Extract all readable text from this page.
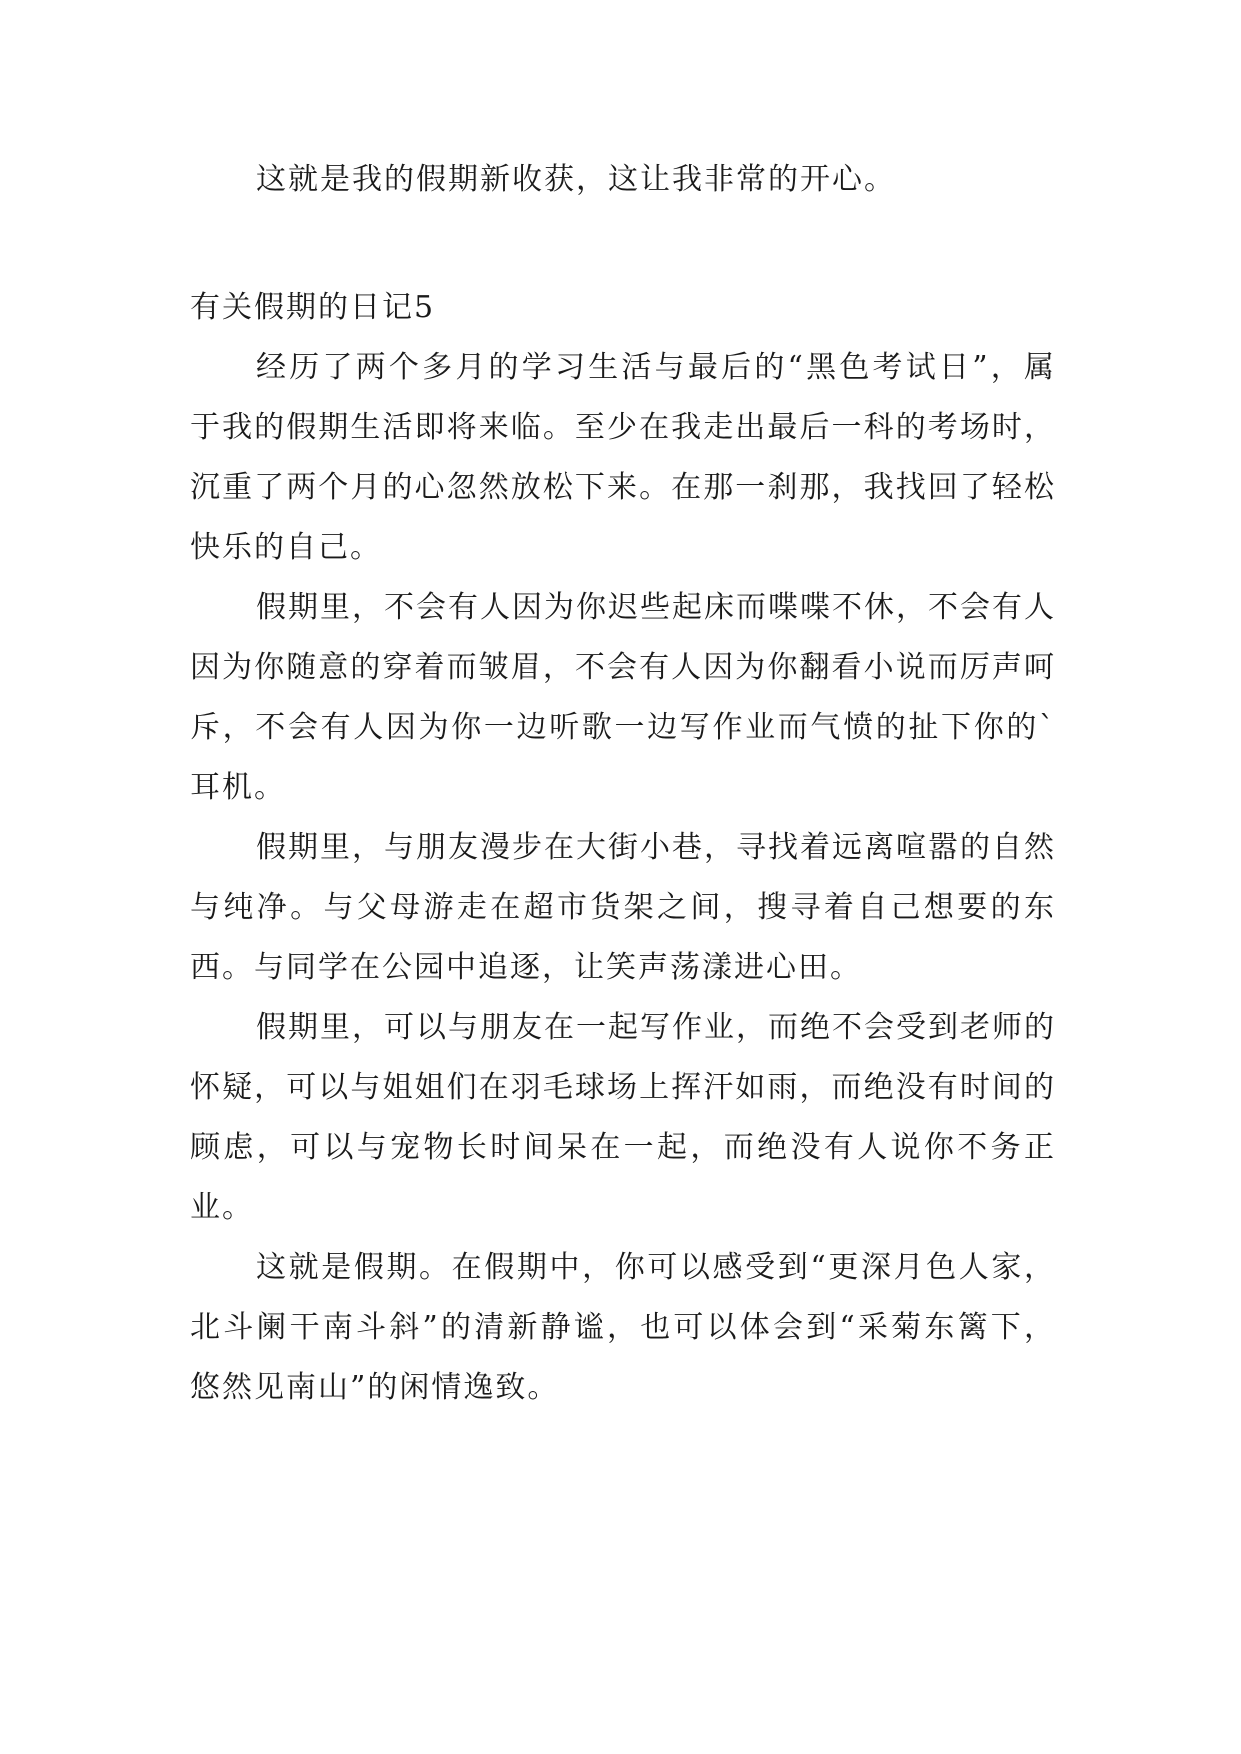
这就是我的假期新收获，这让我非常的开心。

有关假期的日记5

经历了两个多月的学习生活与最后的“黑色考试日”，属于我的假期生活即将来临。至少在我走出最后一科的考场时，沉重了两个月的心忽然放松下来。在那一刹那，我找回了轻松快乐的自己。

假期里，不会有人因为你迟些起床而喋喋不休，不会有人因为你随意的穿着而皱眉，不会有人因为你翻看小说而厉声呵斥，不会有人因为你一边听歌一边写作业而气愤的扯下你的`耳机。

假期里，与朋友漫步在大街小巷，寻找着远离喧嚣的自然与纯净。与父母游走在超市货架之间，搜寻着自己想要的东西。与同学在公园中追逐，让笑声荡漾进心田。

假期里，可以与朋友在一起写作业，而绝不会受到老师的怀疑，可以与姐姐们在羽毛球场上挥汗如雨，而绝没有时间的顾虑，可以与宠物长时间呆在一起，而绝没有人说你不务正业。

这就是假期。在假期中，你可以感受到“更深月色人家，北斗阑干南斗斜”的清新静谧，也可以体会到“采菊东篱下，悠然见南山”的闲情逸致。
